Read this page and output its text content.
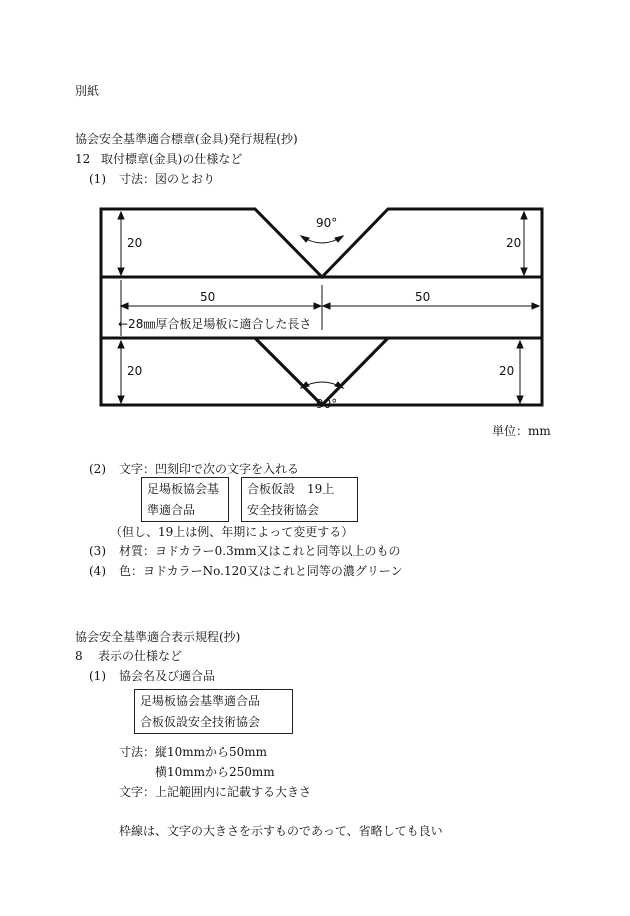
別紙
協会安全基準適合標章(金具)発行規程(抄)
12 取付標章(金具)の仕様など
(1) 寸法：図のとおり
90°
90°
20	20
20	20
50	50
←28㎜厚合板足場板に適合した長さ
単位：mm
(2) 文字：凹刻印で次の文字を入れる
足場板協会基
準適合品
合板仮設　19上
安全技術協会
（但し、19上は例、年期によって変更する）
(3) 材質：ヨドカラー0.3mm又はこれと同等以上のもの
(4) 色：ヨドカラーNo.120又はこれと同等の濃グリーン
協会安全基準適合表示規程(抄)
8 表示の仕様など
(1) 協会名及び適合品
足場板協会基準適合品
合板仮設安全技術協会
寸法：縦10mmから50mm
横10mmから250mm
文字：上記範囲内に記載する大きさ
枠線は、文字の大きさを示すものであって、省略しても良い
